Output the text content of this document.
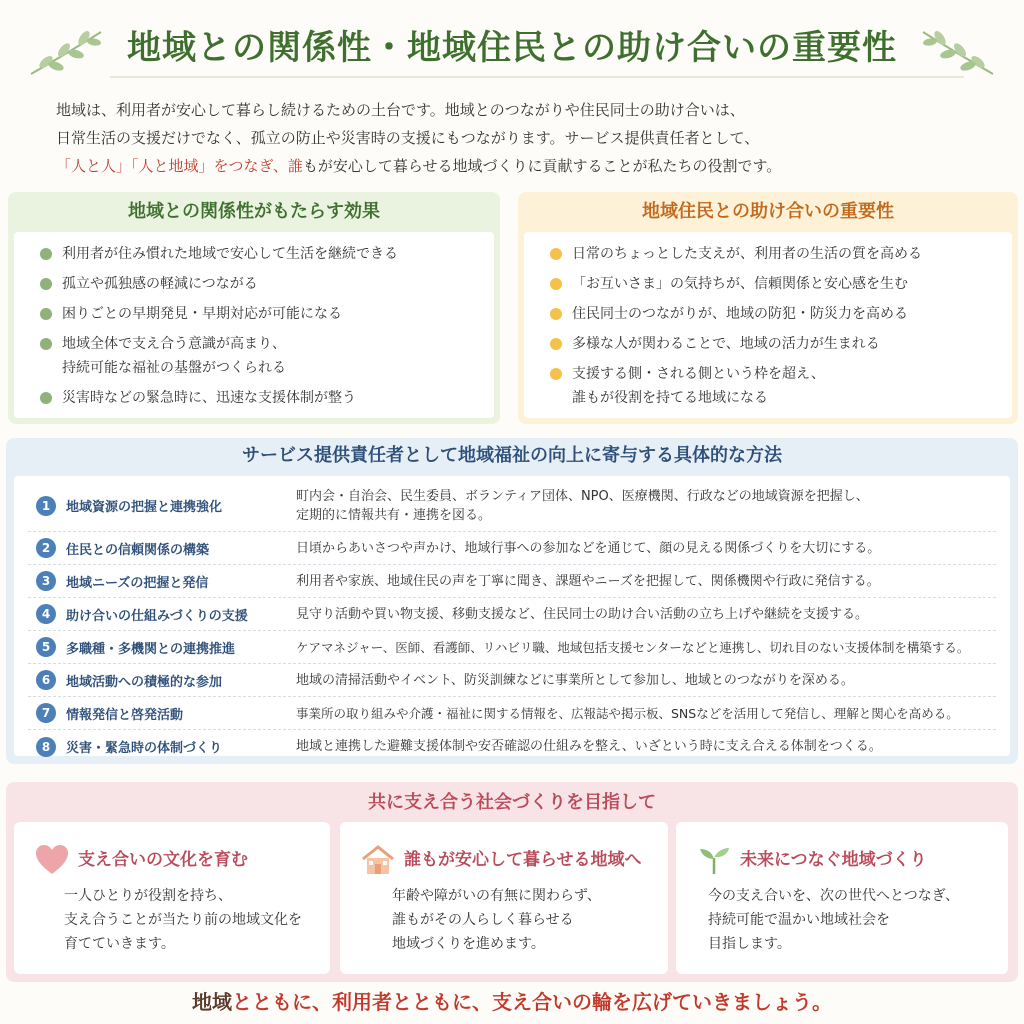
地域との関係性・地域住民との助け合いの重要性
地域は、利用者が安心して暮らし続けるための土台です。地域とのつながりや住民同士の助け合いは、
日常生活の支援だけでなく、孤立の防止や災害時の支援にもつながります。サービス提供責任者として、
「人と人」「人と地域」をつなぎ、誰もが安心して暮らせる地域づくりに貢献することが私たちの役割です。
地域との関係性がもたらす効果
利用者が住み慣れた地域で安心して生活を継続できる
孤立や孤独感の軽減につながる
困りごとの早期発見・早期対応が可能になる
地域全体で支え合う意識が高まり、
持続可能な福祉の基盤がつくられる
災害時などの緊急時に、迅速な支援体制が整う
地域住民との助け合いの重要性
日常のちょっとした支えが、利用者の生活の質を高める
「お互いさま」の気持ちが、信頼関係と安心感を生む
住民同士のつながりが、地域の防犯・防災力を高める
多様な人が関わることで、地域の活力が生まれる
支援する側・される側という枠を超え、
誰もが役割を持てる地域になる
サービス提供責任者として地域福祉の向上に寄与する具体的な方法
1	地域資源の把握と連携強化
町内会・自治会、民生委員、ボランティア団体、NPO、医療機関、行政などの地域資源を把握し、
定期的に情報共有・連携を図る。
2	住民との信頼関係の構築	日頃からあいさつや声かけ、地域行事への参加などを通じて、顔の見える関係づくりを大切にする。
3	地域ニーズの把握と発信	利用者や家族、地域住民の声を丁寧に聞き、課題やニーズを把握して、関係機関や行政に発信する。
4	助け合いの仕組みづくりの支援	見守り活動や買い物支援、移動支援など、住民同士の助け合い活動の立ち上げや継続を支援する。
5	多職種・多機関との連携推進	ケアマネジャー、医師、看護師、リハビリ職、地域包括支援センターなどと連携し、切れ目のない支援体制を構築する。
6	地域活動への積極的な参加	地域の清掃活動やイベント、防災訓練などに事業所として参加し、地域とのつながりを深める。
7	情報発信と啓発活動	事業所の取り組みや介護・福祉に関する情報を、広報誌や掲示板、SNSなどを活用して発信し、理解と関心を高める。
8	災害・緊急時の体制づくり	地域と連携した避難支援体制や安否確認の仕組みを整え、いざという時に支え合える体制をつくる。
共に支え合う社会づくりを目指して
支え合いの文化を育む
一人ひとりが役割を持ち、
支え合うことが当たり前の地域文化を
育てていきます。
誰もが安心して暮らせる地域へ
年齢や障がいの有無に関わらず、
誰もがその人らしく暮らせる
地域づくりを進めます。
未来につなぐ地域づくり
今の支え合いを、次の世代へとつなぎ、
持続可能で温かい地域社会を
目指します。
地域とともに、利用者とともに、支え合いの輪を広げていきましょう。
